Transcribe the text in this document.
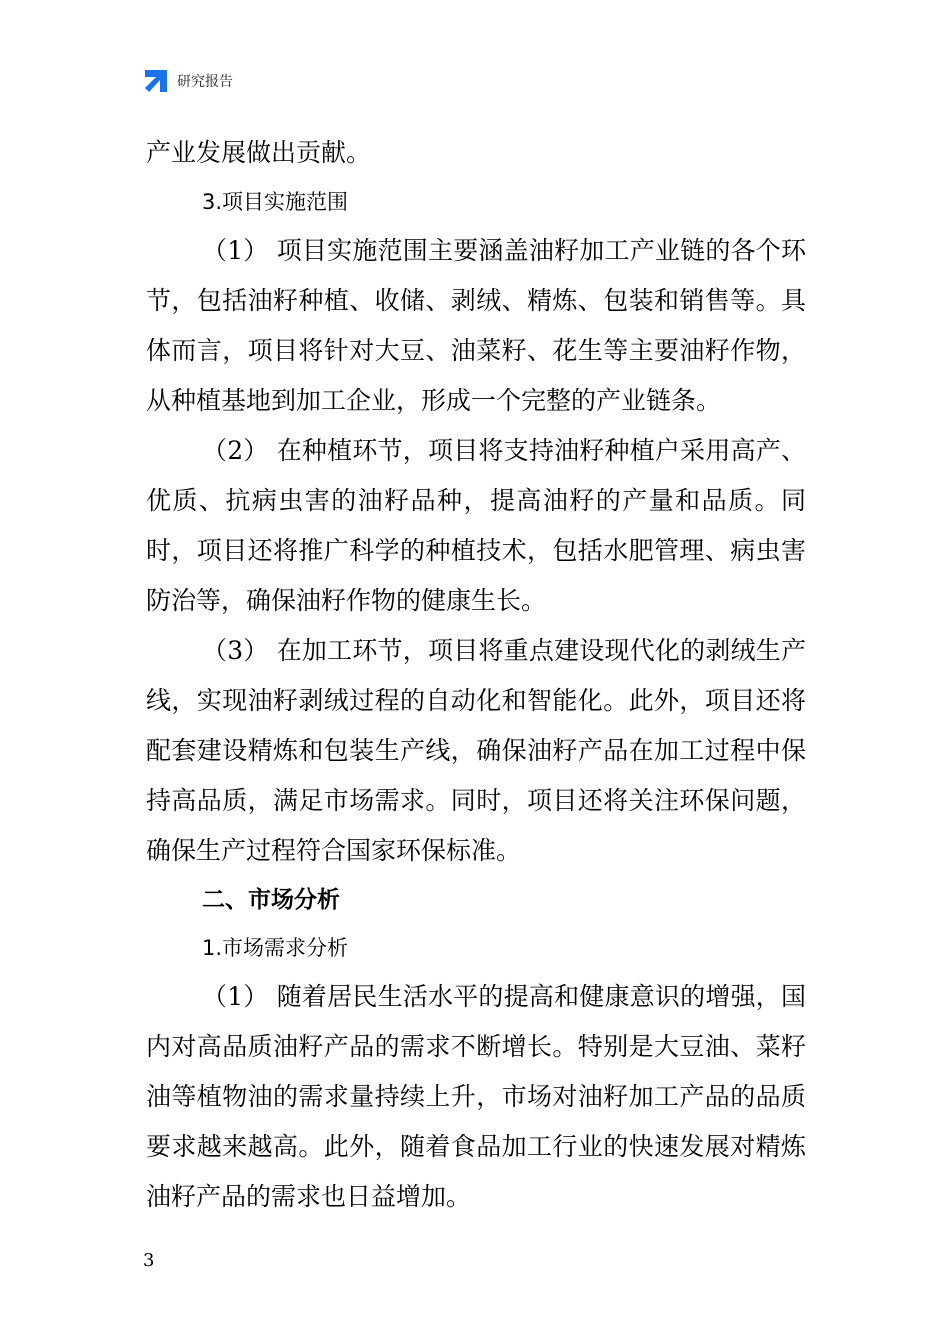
研究报告

产业发展做出贡献。

3.项目实施范围

（1） 项目实施范围主要涵盖油籽加工产业链的各个环节，包括油籽种植、收储、剥绒、精炼、包装和销售等。具体而言，项目将针对大豆、油菜籽、花生等主要油籽作物，从种植基地到加工企业，形成一个完整的产业链条。

（2） 在种植环节，项目将支持油籽种植户采用高产、优质、抗病虫害的油籽品种，提高油籽的产量和品质。同时，项目还将推广科学的种植技术，包括水肥管理、病虫害防治等，确保油籽作物的健康生长。

（3） 在加工环节，项目将重点建设现代化的剥绒生产线，实现油籽剥绒过程的自动化和智能化。此外，项目还将配套建设精炼和包装生产线，确保油籽产品在加工过程中保持高品质，满足市场需求。同时，项目还将关注环保问题，确保生产过程符合国家环保标准。

二、市场分析

1.市场需求分析

（1） 随着居民生活水平的提高和健康意识的增强，国内对高品质油籽产品的需求不断增长。特别是大豆油、菜籽油等植物油的需求量持续上升，市场对油籽加工产品的品质要求越来越高。此外，随着食品加工行业的快速发展对精炼油籽产品的需求也日益增加。

3
